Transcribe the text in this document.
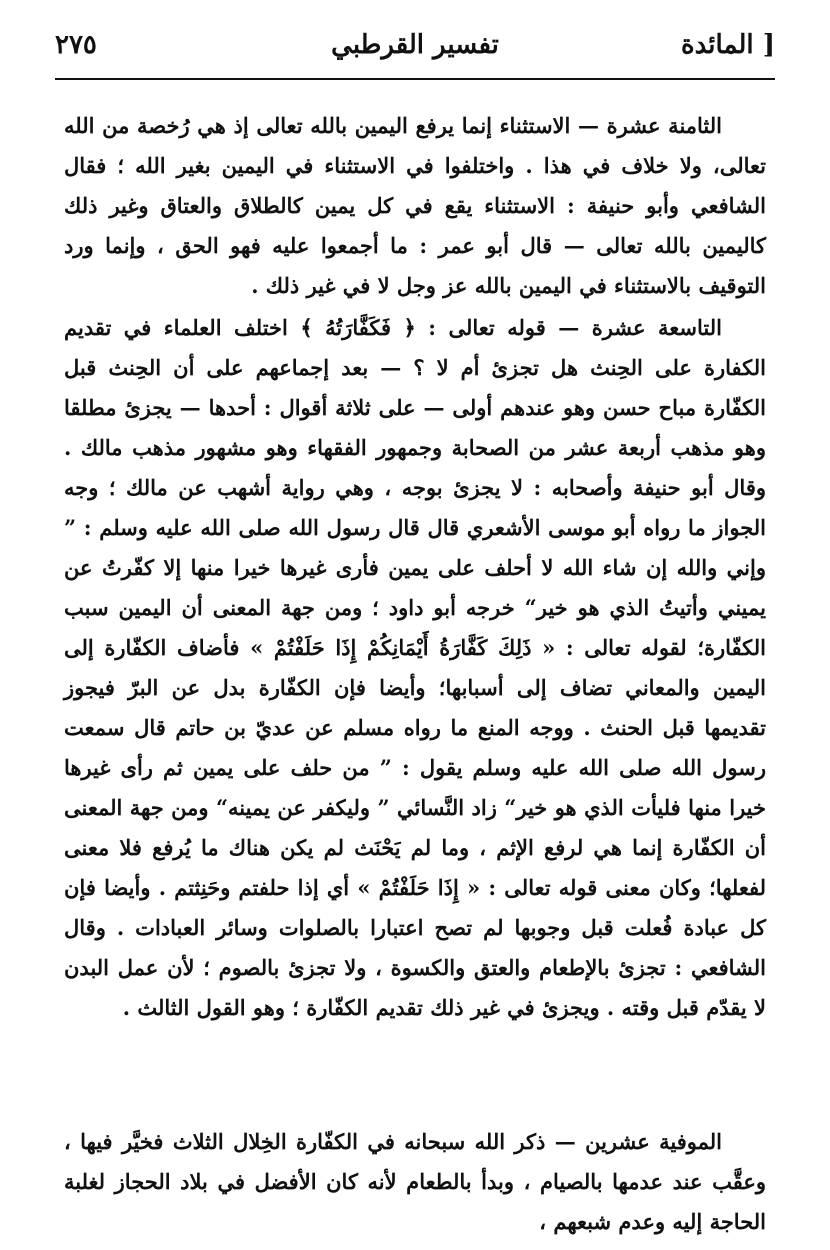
[ المائدة
تفسير القرطبي
٢٧٥

الثامنة عشرة — الاستثناء إنما يرفع اليمين بالله تعالى إذ هي رُخصة من الله تعالى، ولا خلاف في هذا . واختلفوا في الاستثناء في اليمين بغير الله ؛ فقال الشافعي وأبو حنيفة : الاستثناء يقع في كل يمين كالطلاق والعتاق وغير ذلك كاليمين بالله تعالى — قال أبو عمر : ما أجمعوا عليه فهو الحق ، وإنما ورد التوقيف بالاستثناء في اليمين بالله عز وجل لا في غير ذلك .

التاسعة عشرة — قوله تعالى : ﴿ فَكَفَّارَتُهُ ﴾ اختلف العلماء في تقديم الكفارة على الحِنث هل تجزئ أم لا ؟ — بعد إجماعهم على أن الحِنث قبل الكفّارة مباح حسن وهو عندهم أولى — على ثلاثة أقوال : أحدها — يجزئ مطلقا وهو مذهب أربعة عشر من الصحابة وجمهور الفقهاء وهو مشهور مذهب مالك . وقال أبو حنيفة وأصحابه : لا يجزئ بوجه ، وهي رواية أشهب عن مالك ؛ وجه الجواز ما رواه أبو موسى الأشعري قال قال رسول الله صلى الله عليه وسلم : ” وإني والله إن شاء الله لا أحلف على يمين فأرى غيرها خيرا منها إلا كفّرتُ عن يميني وأتيتُ الذي هو خير“ خرجه أبو داود ؛ ومن جهة المعنى أن اليمين سبب الكفّارة؛ لقوله تعالى : « ذَلِكَ كَفَّارَةُ أَيْمَانِكُمْ إِذَا حَلَفْتُمْ » فأضاف الكفّارة إلى اليمين والمعاني تضاف إلى أسبابها؛ وأيضا فإن الكفّارة بدل عن البرّ فيجوز تقديمها قبل الحنث . ووجه المنع ما رواه مسلم عن عديّ بن حاتم قال سمعت رسول الله صلى الله عليه وسلم يقول : ” من حلف على يمين ثم رأى غيرها خيرا منها فليأت الذي هو خير“ زاد النَّسائي ” وليكفر عن يمينه“ ومن جهة المعنى أن الكفّارة إنما هي لرفع الإثم ، وما لم يَحْنَث لم يكن هناك ما يُرفع فلا معنى لفعلها؛ وكان معنى قوله تعالى : « إِذَا حَلَفْتُمْ » أي إذا حلفتم وحَنِثتم . وأيضا فإن كل عبادة فُعلت قبل وجوبها لم تصح اعتبارا بالصلوات وسائر العبادات . وقال الشافعي : تجزئ بالإطعام والعتق والكسوة ، ولا تجزئ بالصوم ؛ لأن عمل البدن لا يقدّم قبل وقته . ويجزئ في غير ذلك تقديم الكفّارة ؛ وهو القول الثالث .

الموفية عشرين — ذكر الله سبحانه في الكفّارة الخِلال الثلاث فخيَّر فيها ، وعقَّب عند عدمها بالصيام ، وبدأ بالطعام لأنه كان الأفضل في بلاد الحجاز لغلبة الحاجة إليه وعدم شبعهم ،
